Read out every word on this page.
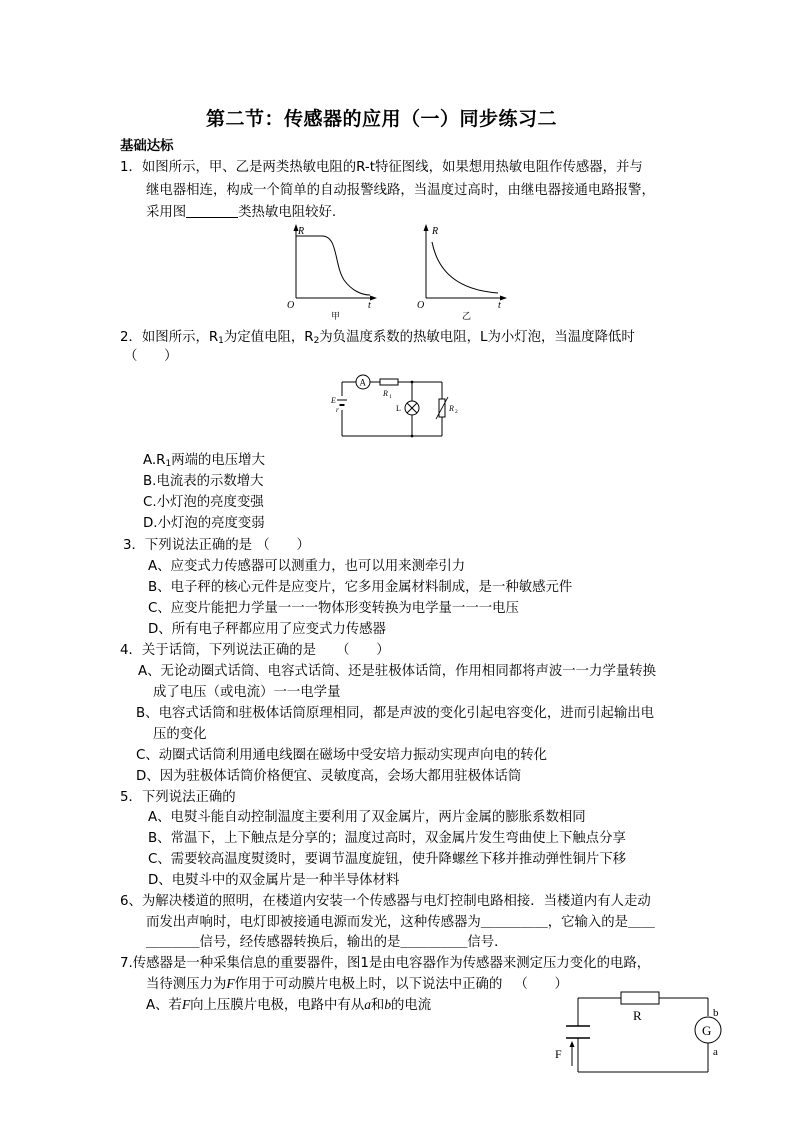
第二节：传感器的应用（一）同步练习二
基础达标
1．如图所示，甲、乙是两类热敏电阻的R-t特征图线，如果想用热敏电阻作传感器，并与
继电器相连，构成一个简单的自动报警线路，当温度过高时，由继电器接通电路报警，
采用图	类热敏电阻较好.
R
O	t
甲
R
O	t
乙
2．如图所示，$R_1$为定值电阻，$R_2$为负温度系数的热敏电阻，L为小灯泡，当温度降低时
（　　）
A
R 1
E
r	L	R 2
$A.R_1$两端的电压增大
B.电流表的示数增大
C.小灯泡的亮度变强
D.小灯泡的亮度变弱
3．下列说法正确的是 （　　）
A、应变式力传感器可以测重力，也可以用来测牵引力
B、电子秤的核心元件是应变片，它多用金属材料制成，是一种敏感元件
C、应变片能把力学量一一一物体形变转换为电学量一一一电压
D、所有电子秤都应用了应变式力传感器
4．关于话筒，下列说法正确的是　　（　　）
A、无论动圈式话筒、电容式话筒、还是驻极体话筒，作用相同都将声波一一力学量转换
成了电压（或电流）一一电学量
B、电容式话筒和驻极体话筒原理相同，都是声波的变化引起电容变化，进而引起输出电
压的变化
C、动圈式话筒利用通电线圈在磁场中受安培力振动实现声向电的转化
D、因为驻极体话筒价格便宜、灵敏度高，会场大都用驻极体话筒
5．下列说法正确的
A、电熨斗能自动控制温度主要利用了双金属片，两片金属的膨胀系数相同
B、常温下，上下触点是分享的；温度过高时，双金属片发生弯曲使上下触点分享
C、需要较高温度熨烫时，要调节温度旋钮，使升降螺丝下移并推动弹性铜片下移
D、电熨斗中的双金属片是一种半导体材料
6、为解决楼道的照明，在楼道内安装一个传感器与电灯控制电路相接．当楼道内有人走动
而发出声响时，电灯即被接通电源而发光，这种传感器为＿＿＿＿＿，它输入的是＿＿
＿＿＿＿信号，经传感器转换后，输出的是＿＿＿＿＿信号．
7.传感器是一种采集信息的重要器件，图1是由电容器作为传感器来测定压力变化的电路，
当待测压力为F作用于可动膜片电极上时，以下说法中正确的 （　　）
A、若F向上压膜片电极，电路中有从a和b的电流
R
G
b
a
F
